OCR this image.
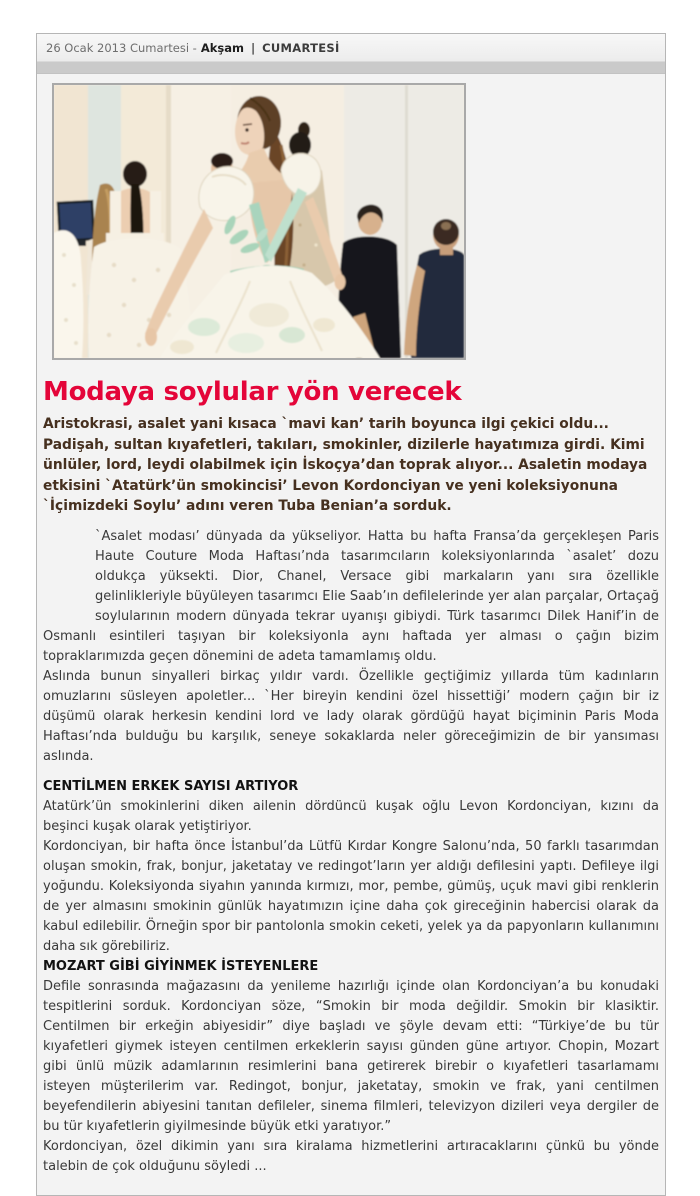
26 Ocak 2013 Cumartesi - Akşam | CUMARTESİ
Modaya soylular yön verecek

Aristokrasi, asalet yani kısaca `mavi kan’ tarih boyunca ilgi çekici oldu... Padişah, sultan kıyafetleri, takıları, smokinler, dizilerle hayatımıza girdi. Kimi ünlüler, lord, leydi olabilmek için İskoçya’dan toprak alıyor... Asaletin modaya etkisini `Atatürk’ün smokincisi’ Levon Kordonciyan ve yeni koleksiyonuna `İçimizdeki Soylu’ adını veren Tuba Benian’a sorduk.

`Asalet modası’ dünyada da yükseliyor. Hatta bu hafta Fransa’da gerçekleşen Paris Haute Couture Moda Haftası’nda tasarımcıların koleksiyonlarında `asalet’ dozu oldukça yüksekti. Dior, Chanel, Versace gibi markaların yanı sıra özellikle gelinlikleriyle büyüleyen tasarımcı Elie Saab’ın defilelerinde yer alan parçalar, Ortaçağ soylularının modern dünyada tekrar uyanışı gibiydi. Türk tasarımcı Dilek Hanif’in de Osmanlı esintileri taşıyan bir koleksiyonla aynı haftada yer alması o çağın bizim topraklarımızda geçen dönemini de adeta tamamlamış oldu.

Aslında bunun sinyalleri birkaç yıldır vardı. Özellikle geçtiğimiz yıllarda tüm kadınların omuzlarını süsleyen apoletler... `Her bireyin kendini özel hissettiği’ modern çağın bir iz düşümü olarak herkesin kendini lord ve lady olarak gördüğü hayat biçiminin Paris Moda Haftası’nda bulduğu bu karşılık, seneye sokaklarda neler göreceğimizin de bir yansıması aslında.

CENTİLMEN ERKEK SAYISI ARTIYOR

Atatürk’ün smokinlerini diken ailenin dördüncü kuşak oğlu Levon Kordonciyan, kızını da beşinci kuşak olarak yetiştiriyor.

Kordonciyan, bir hafta önce İstanbul’da Lütfü Kırdar Kongre Salonu’nda, 50 farklı tasarımdan oluşan smokin, frak, bonjur, jaketatay ve redingot’ların yer aldığı defilesini yaptı. Defileye ilgi yoğundu. Koleksiyonda siyahın yanında kırmızı, mor, pembe, gümüş, uçuk mavi gibi renklerin de yer almasını smokinin günlük hayatımızın içine daha çok gireceğinin habercisi olarak da kabul edilebilir. Örneğin spor bir pantolonla smokin ceketi, yelek ya da papyonların kullanımını daha sık görebiliriz.

MOZART GİBİ GİYİNMEK İSTEYENLERE

Defile sonrasında mağazasını da yenileme hazırlığı içinde olan Kordonciyan’a bu konudaki tespitlerini sorduk. Kordonciyan söze, “Smokin bir moda değildir. Smokin bir klasiktir. Centilmen bir erkeğin abiyesidir” diye başladı ve şöyle devam etti: “Türkiye’de bu tür kıyafetleri giymek isteyen centilmen erkeklerin sayısı günden güne artıyor. Chopin, Mozart gibi ünlü müzik adamlarının resimlerini bana getirerek birebir o kıyafetleri tasarlamamı isteyen müşterilerim var. Redingot, bonjur, jaketatay, smokin ve frak, yani centilmen beyefendilerin abiyesini tanıtan defileler, sinema filmleri, televizyon dizileri veya dergiler de bu tür kıyafetlerin giyilmesinde büyük etki yaratıyor.”

Kordonciyan, özel dikimin yanı sıra kiralama hizmetlerini artıracaklarını çünkü bu yönde talebin de çok olduğunu söyledi ...
